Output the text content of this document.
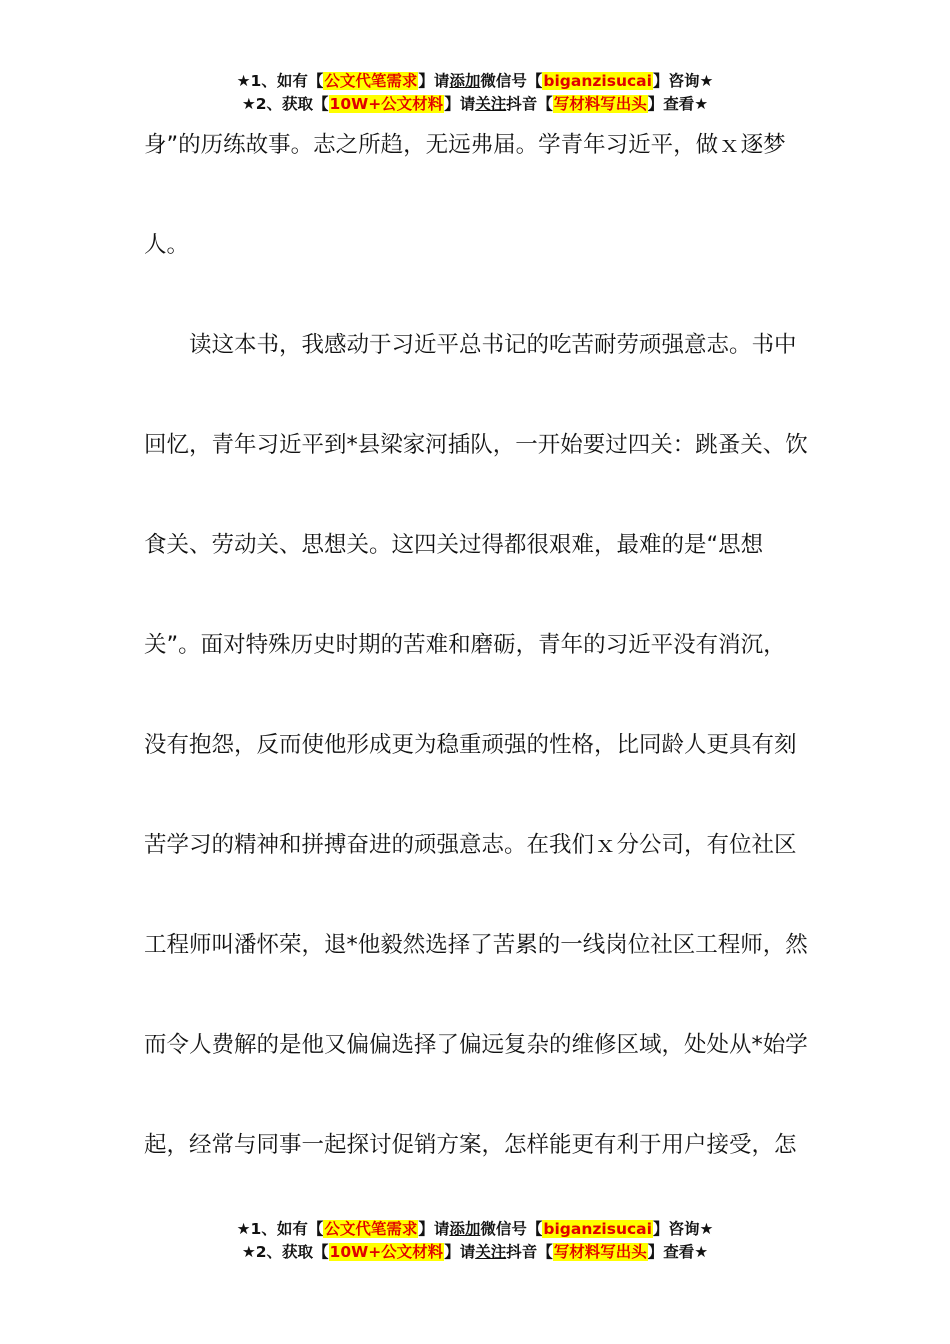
★1、如有【公文代笔需求】请添加微信号【biganzisucai】咨询★
★2、获取【10W+公文材料】请关注抖音【写材料写出头】查看★
身”的历练故事。志之所趋，无远弗届。学青年习近平，做ｘ逐梦
人。
读这本书，我感动于习近平总书记的吃苦耐劳顽强意志。书中
回忆，青年习近平到*县梁家河插队，一开始要过四关：跳蚤关、饮
食关、劳动关、思想关。这四关过得都很艰难，最难的是“思想
关”。面对特殊历史时期的苦难和磨砺，青年的习近平没有消沉，
没有抱怨，反而使他形成更为稳重顽强的性格，比同龄人更具有刻
苦学习的精神和拼搏奋进的顽强意志。在我们ｘ分公司，有位社区
工程师叫潘怀荣，退*他毅然选择了苦累的一线岗位社区工程师，然
而令人费解的是他又偏偏选择了偏远复杂的维修区域，处处从*始学
起，经常与同事一起探讨促销方案，怎样能更有利于用户接受，怎
★1、如有【公文代笔需求】请添加微信号【biganzisucai】咨询★
★2、获取【10W+公文材料】请关注抖音【写材料写出头】查看★
